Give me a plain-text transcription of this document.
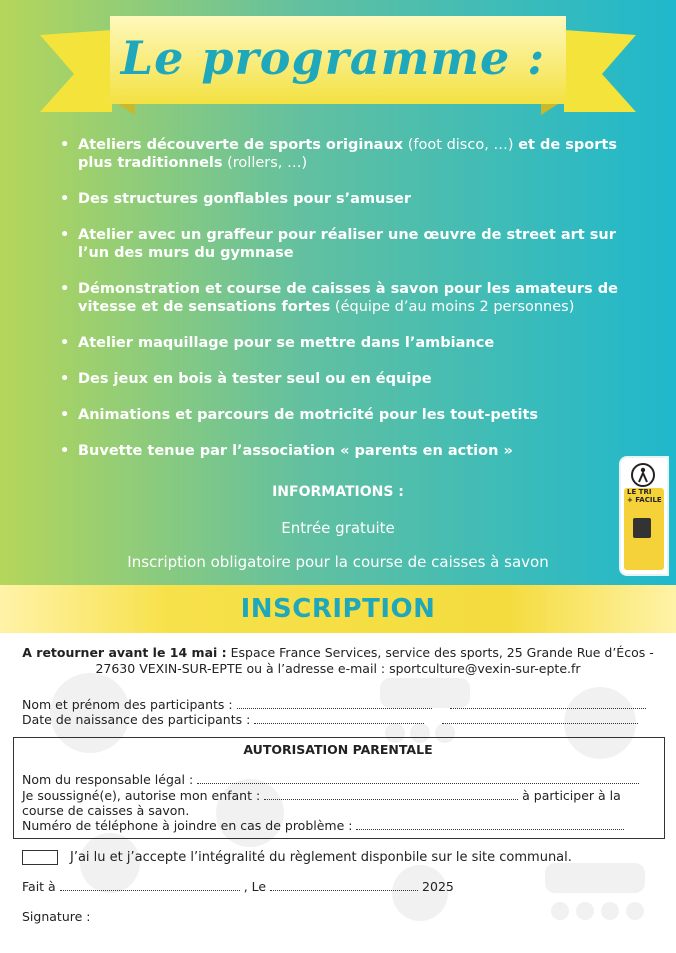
Le programme :
• Ateliers découverte de sports originaux (foot disco, …) et de sports plus traditionnels (rollers, …)
• Des structures gonflables pour s’amuser
• Atelier avec un graffeur pour réaliser une œuvre de street art sur l’un des murs du gymnase
• Démonstration et course de caisses à savon pour les amateurs de vitesse et de sensations fortes (équipe d’au moins 2 personnes)
• Atelier maquillage pour se mettre dans l’ambiance
• Des jeux en bois à tester seul ou en équipe
• Animations et parcours de motricité pour les tout-petits
• Buvette tenue par l’association « parents en action »
INFORMATIONS :
Entrée gratuite
Inscription obligatoire pour la course de caisses à savon
LE TRI
+ FACILE
INSCRIPTION
A retourner avant le 14 mai : Espace France Services, service des sports, 25 Grande Rue d’Écos - 27630 VEXIN-SUR-EPTE ou à l’adresse e-mail : sportculture@vexin-sur-epte.fr
Nom et prénom des participants :
Date de naissance des participants :
AUTORISATION PARENTALE
Nom du responsable légal :
Je soussigné(e), autorise mon enfant :	à participer à la
course de caisses à savon.
Numéro de téléphone à joindre en cas de problème :
J’ai lu et j’accepte l’intégralité du règlement disponbile sur le site communal.
Fait à	, Le	2025
Signature :
